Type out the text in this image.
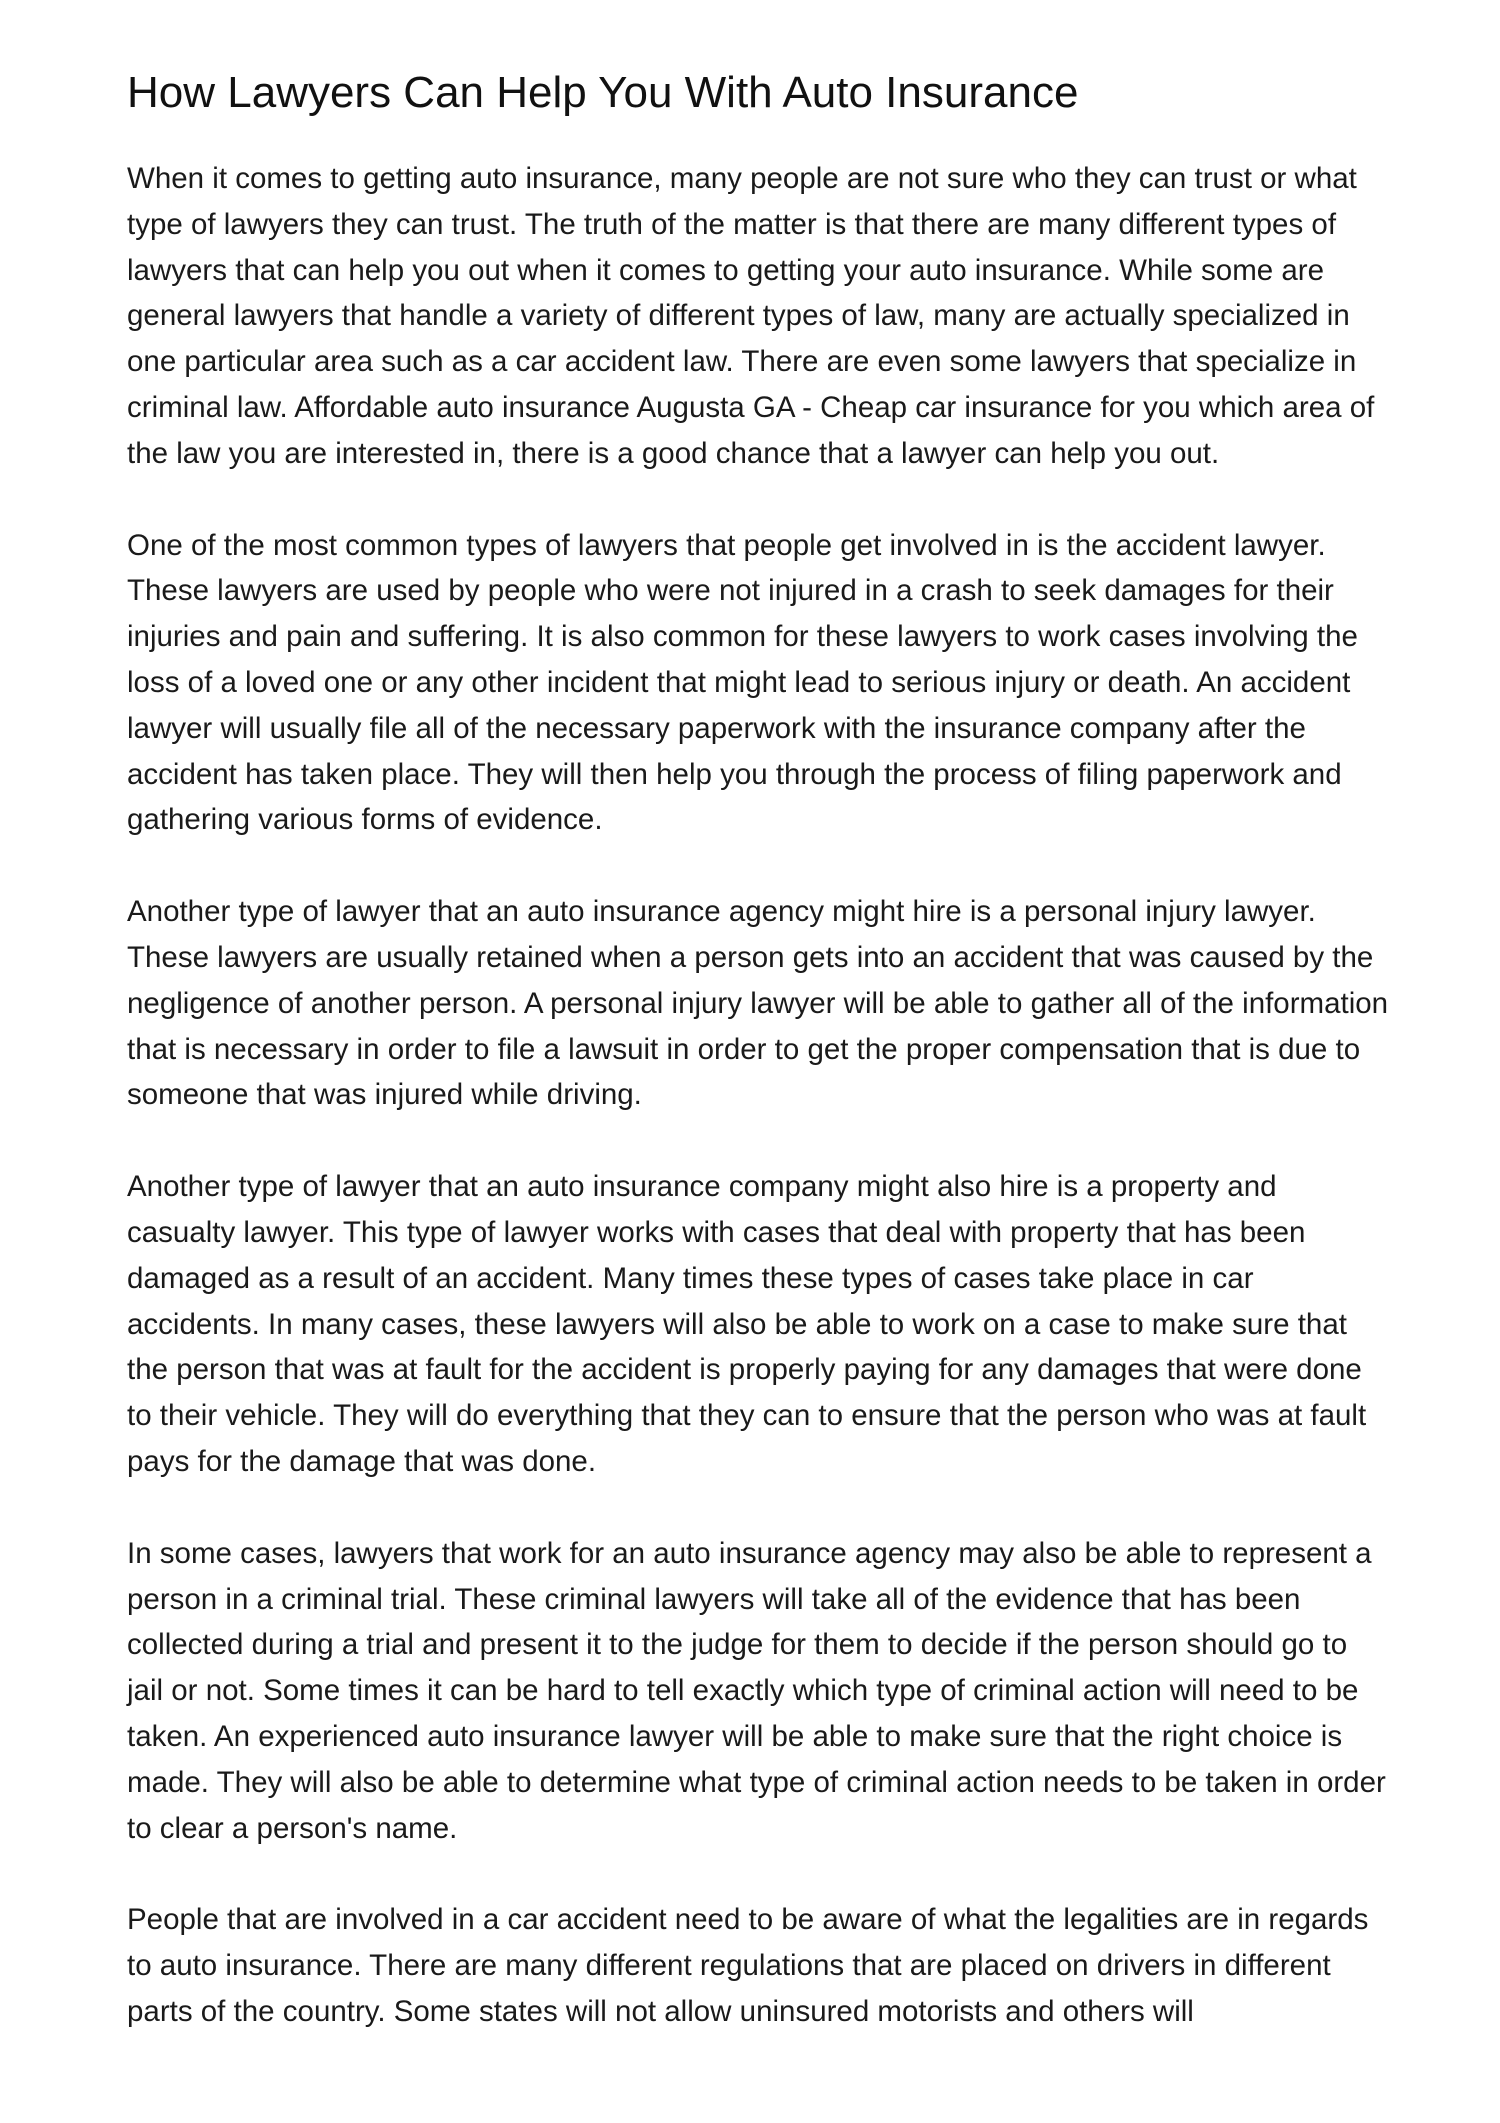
How Lawyers Can Help You With Auto Insurance

When it comes to getting auto insurance, many people are not sure who they can trust or what type of lawyers they can trust. The truth of the matter is that there are many different types of lawyers that can help you out when it comes to getting your auto insurance. While some are general lawyers that handle a variety of different types of law, many are actually specialized in one particular area such as a car accident law. There are even some lawyers that specialize in criminal law. Affordable auto insurance Augusta GA - Cheap car insurance for you which area of the law you are interested in, there is a good chance that a lawyer can help you out.

One of the most common types of lawyers that people get involved in is the accident lawyer. These lawyers are used by people who were not injured in a crash to seek damages for their injuries and pain and suffering. It is also common for these lawyers to work cases involving the loss of a loved one or any other incident that might lead to serious injury or death. An accident lawyer will usually file all of the necessary paperwork with the insurance company after the accident has taken place. They will then help you through the process of filing paperwork and gathering various forms of evidence.

Another type of lawyer that an auto insurance agency might hire is a personal injury lawyer. These lawyers are usually retained when a person gets into an accident that was caused by the negligence of another person. A personal injury lawyer will be able to gather all of the information that is necessary in order to file a lawsuit in order to get the proper compensation that is due to someone that was injured while driving.

Another type of lawyer that an auto insurance company might also hire is a property and casualty lawyer. This type of lawyer works with cases that deal with property that has been damaged as a result of an accident. Many times these types of cases take place in car accidents. In many cases, these lawyers will also be able to work on a case to make sure that the person that was at fault for the accident is properly paying for any damages that were done to their vehicle. They will do everything that they can to ensure that the person who was at fault pays for the damage that was done.

In some cases, lawyers that work for an auto insurance agency may also be able to represent a person in a criminal trial. These criminal lawyers will take all of the evidence that has been collected during a trial and present it to the judge for them to decide if the person should go to jail or not. Some times it can be hard to tell exactly which type of criminal action will need to be taken. An experienced auto insurance lawyer will be able to make sure that the right choice is made. They will also be able to determine what type of criminal action needs to be taken in order to clear a person's name.

People that are involved in a car accident need to be aware of what the legalities are in regards to auto insurance. There are many different regulations that are placed on drivers in different parts of the country. Some states will not allow uninsured motorists and others will
